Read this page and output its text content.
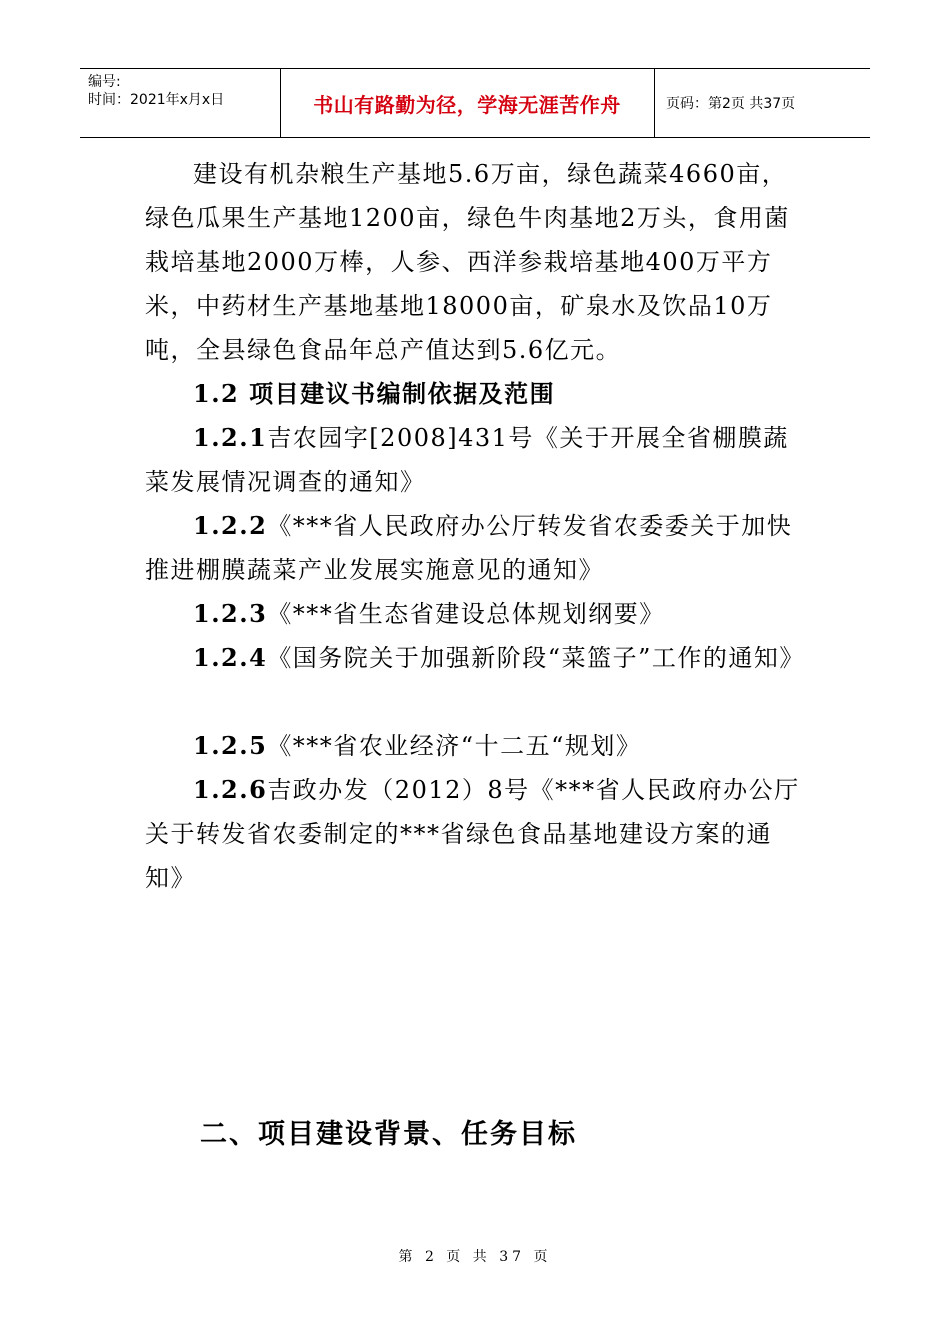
编号:
时间：2021年x月x日	书山有路勤为径，学海无涯苦作舟	页码：第2页 共37页

建设有机杂粮生产基地5.6万亩，绿色蔬菜4660亩，绿色瓜果生产基地1200亩，绿色牛肉基地2万头，食用菌栽培基地2000万棒，人参、西洋参栽培基地400万平方米，中药材生产基地基地18000亩，矿泉水及饮品10万吨，全县绿色食品年总产值达到5.6亿元。

1.2 项目建议书编制依据及范围

1.2.1吉农园字[2008]431号《关于开展全省棚膜蔬菜发展情况调查的通知》

1.2.2《***省人民政府办公厅转发省农委委关于加快推进棚膜蔬菜产业发展实施意见的通知》

1.2.3《***省生态省建设总体规划纲要》

1.2.4《国务院关于加强新阶段“菜篮子”工作的通知》

1.2.5《***省农业经济“十二五“规划》

1.2.6吉政办发（2012）8号《***省人民政府办公厅关于转发省农委制定的***省绿色食品基地建设方案的通知》

二、项目建设背景、任务目标
第 2 页 共 37 页
